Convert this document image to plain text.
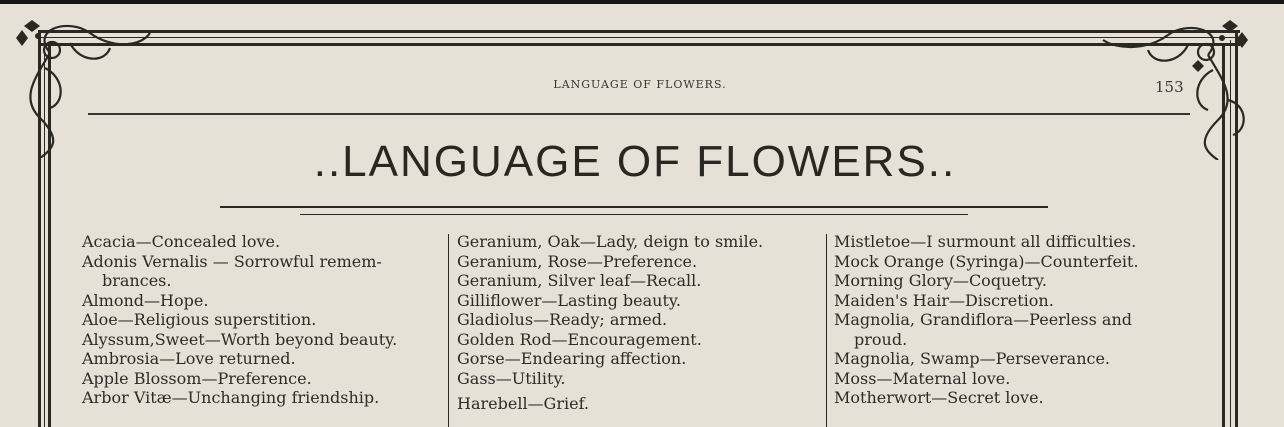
LANGUAGE OF FLOWERS.	153
..LANGUAGE OF FLOWERS..
Acacia—Concealed love.
Adonis Vernalis — Sorrowful remem-
brances.
Almond—Hope.
Aloe—Religious superstition.
Alyssum,Sweet—Worth beyond beauty.
Ambrosia—Love returned.
Apple Blossom—Preference.
Arbor Vitæ—Unchanging friendship.
Geranium, Oak—Lady, deign to smile.
Geranium, Rose—Preference.
Geranium, Silver leaf—Recall.
Gilliflower—Lasting beauty.
Gladiolus—Ready; armed.
Golden Rod—Encouragement.
Gorse—Endearing affection.
Gass—Utility.
Harebell—Grief.
Mistletoe—I surmount all difficulties.
Mock Orange (Syringa)—Counterfeit.
Morning Glory—Coquetry.
Maiden's Hair—Discretion.
Magnolia, Grandiflora—Peerless and
proud.
Magnolia, Swamp—Perseverance.
Moss—Maternal love.
Motherwort—Secret love.
